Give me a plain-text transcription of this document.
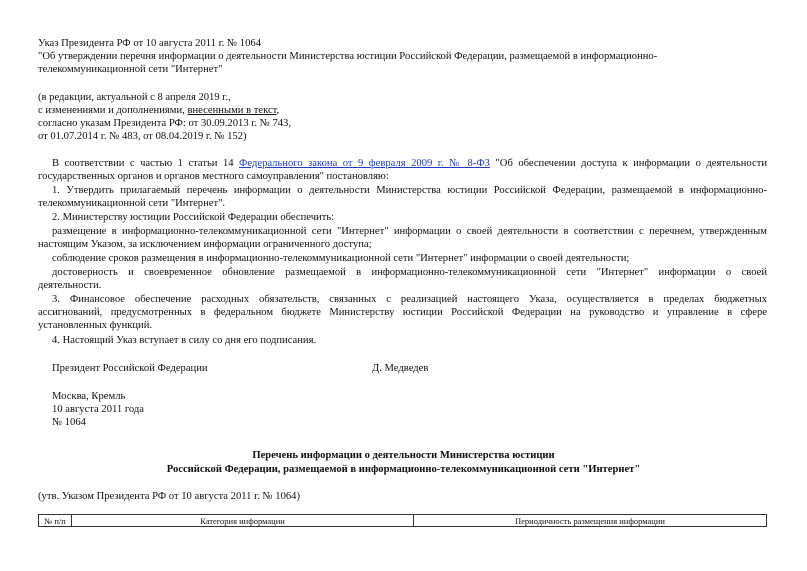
Указ Президента РФ от 10 августа 2011 г. № 1064
"Об утверждении перечня информации о деятельности Министерства юстиции Российской Федерации, размещаемой в информационно-
телекоммуникационной сети "Интернет"
(в редакции, актуальной с 8 апреля 2019 г.,
с изменениями и дополнениями, внесенными в текст,
согласно указам Президента РФ: от 30.09.2013 г. № 743,
от 01.07.2014 г. № 483, от 08.04.2019 г. № 152)
В соответствии с частью 1 статьи 14 Федерального закона от 9 февраля 2009 г. № 8-ФЗ "Об обеспечении доступа к информации о деятельности
государственных органов и органов местного самоуправления" постановляю:
1. Утвердить прилагаемый перечень информации о деятельности Министерства юстиции Российской Федерации, размещаемой в информационно-
телекоммуникационной сети "Интернет".
2. Министерству юстиции Российской Федерации обеспечить:
размещение в информационно-телекоммуникационной сети "Интернет" информации о своей деятельности в соответствии с перечнем, утвержденным
настоящим Указом, за исключением информации ограниченного доступа;
соблюдение сроков размещения в информационно-телекоммуникационной сети "Интернет" информации о своей деятельности;
достоверность и своевременное обновление размещаемой в информационно-телекоммуникационной сети "Интернет" информации о своей
деятельности.
3. Финансовое обеспечение расходных обязательств, связанных с реализацией настоящего Указа, осуществляется в пределах бюджетных
ассигнований, предусмотренных в федеральном бюджете Министерству юстиции Российской Федерации на руководство и управление в сфере
установленных функций.
4. Настоящий Указ вступает в силу со дня его подписания.
Президент Российской Федерации	Д. Медведев
Москва, Кремль
10 августа 2011 года
№ 1064
Перечень информации о деятельности Министерства юстиции
Российской Федерации, размещаемой в информационно-телекоммуникационной сети "Интернет"
(утв. Указом Президента РФ от 10 августа 2011 г. № 1064)
№ п/п	Категория информации	Периодичность размещения информации
